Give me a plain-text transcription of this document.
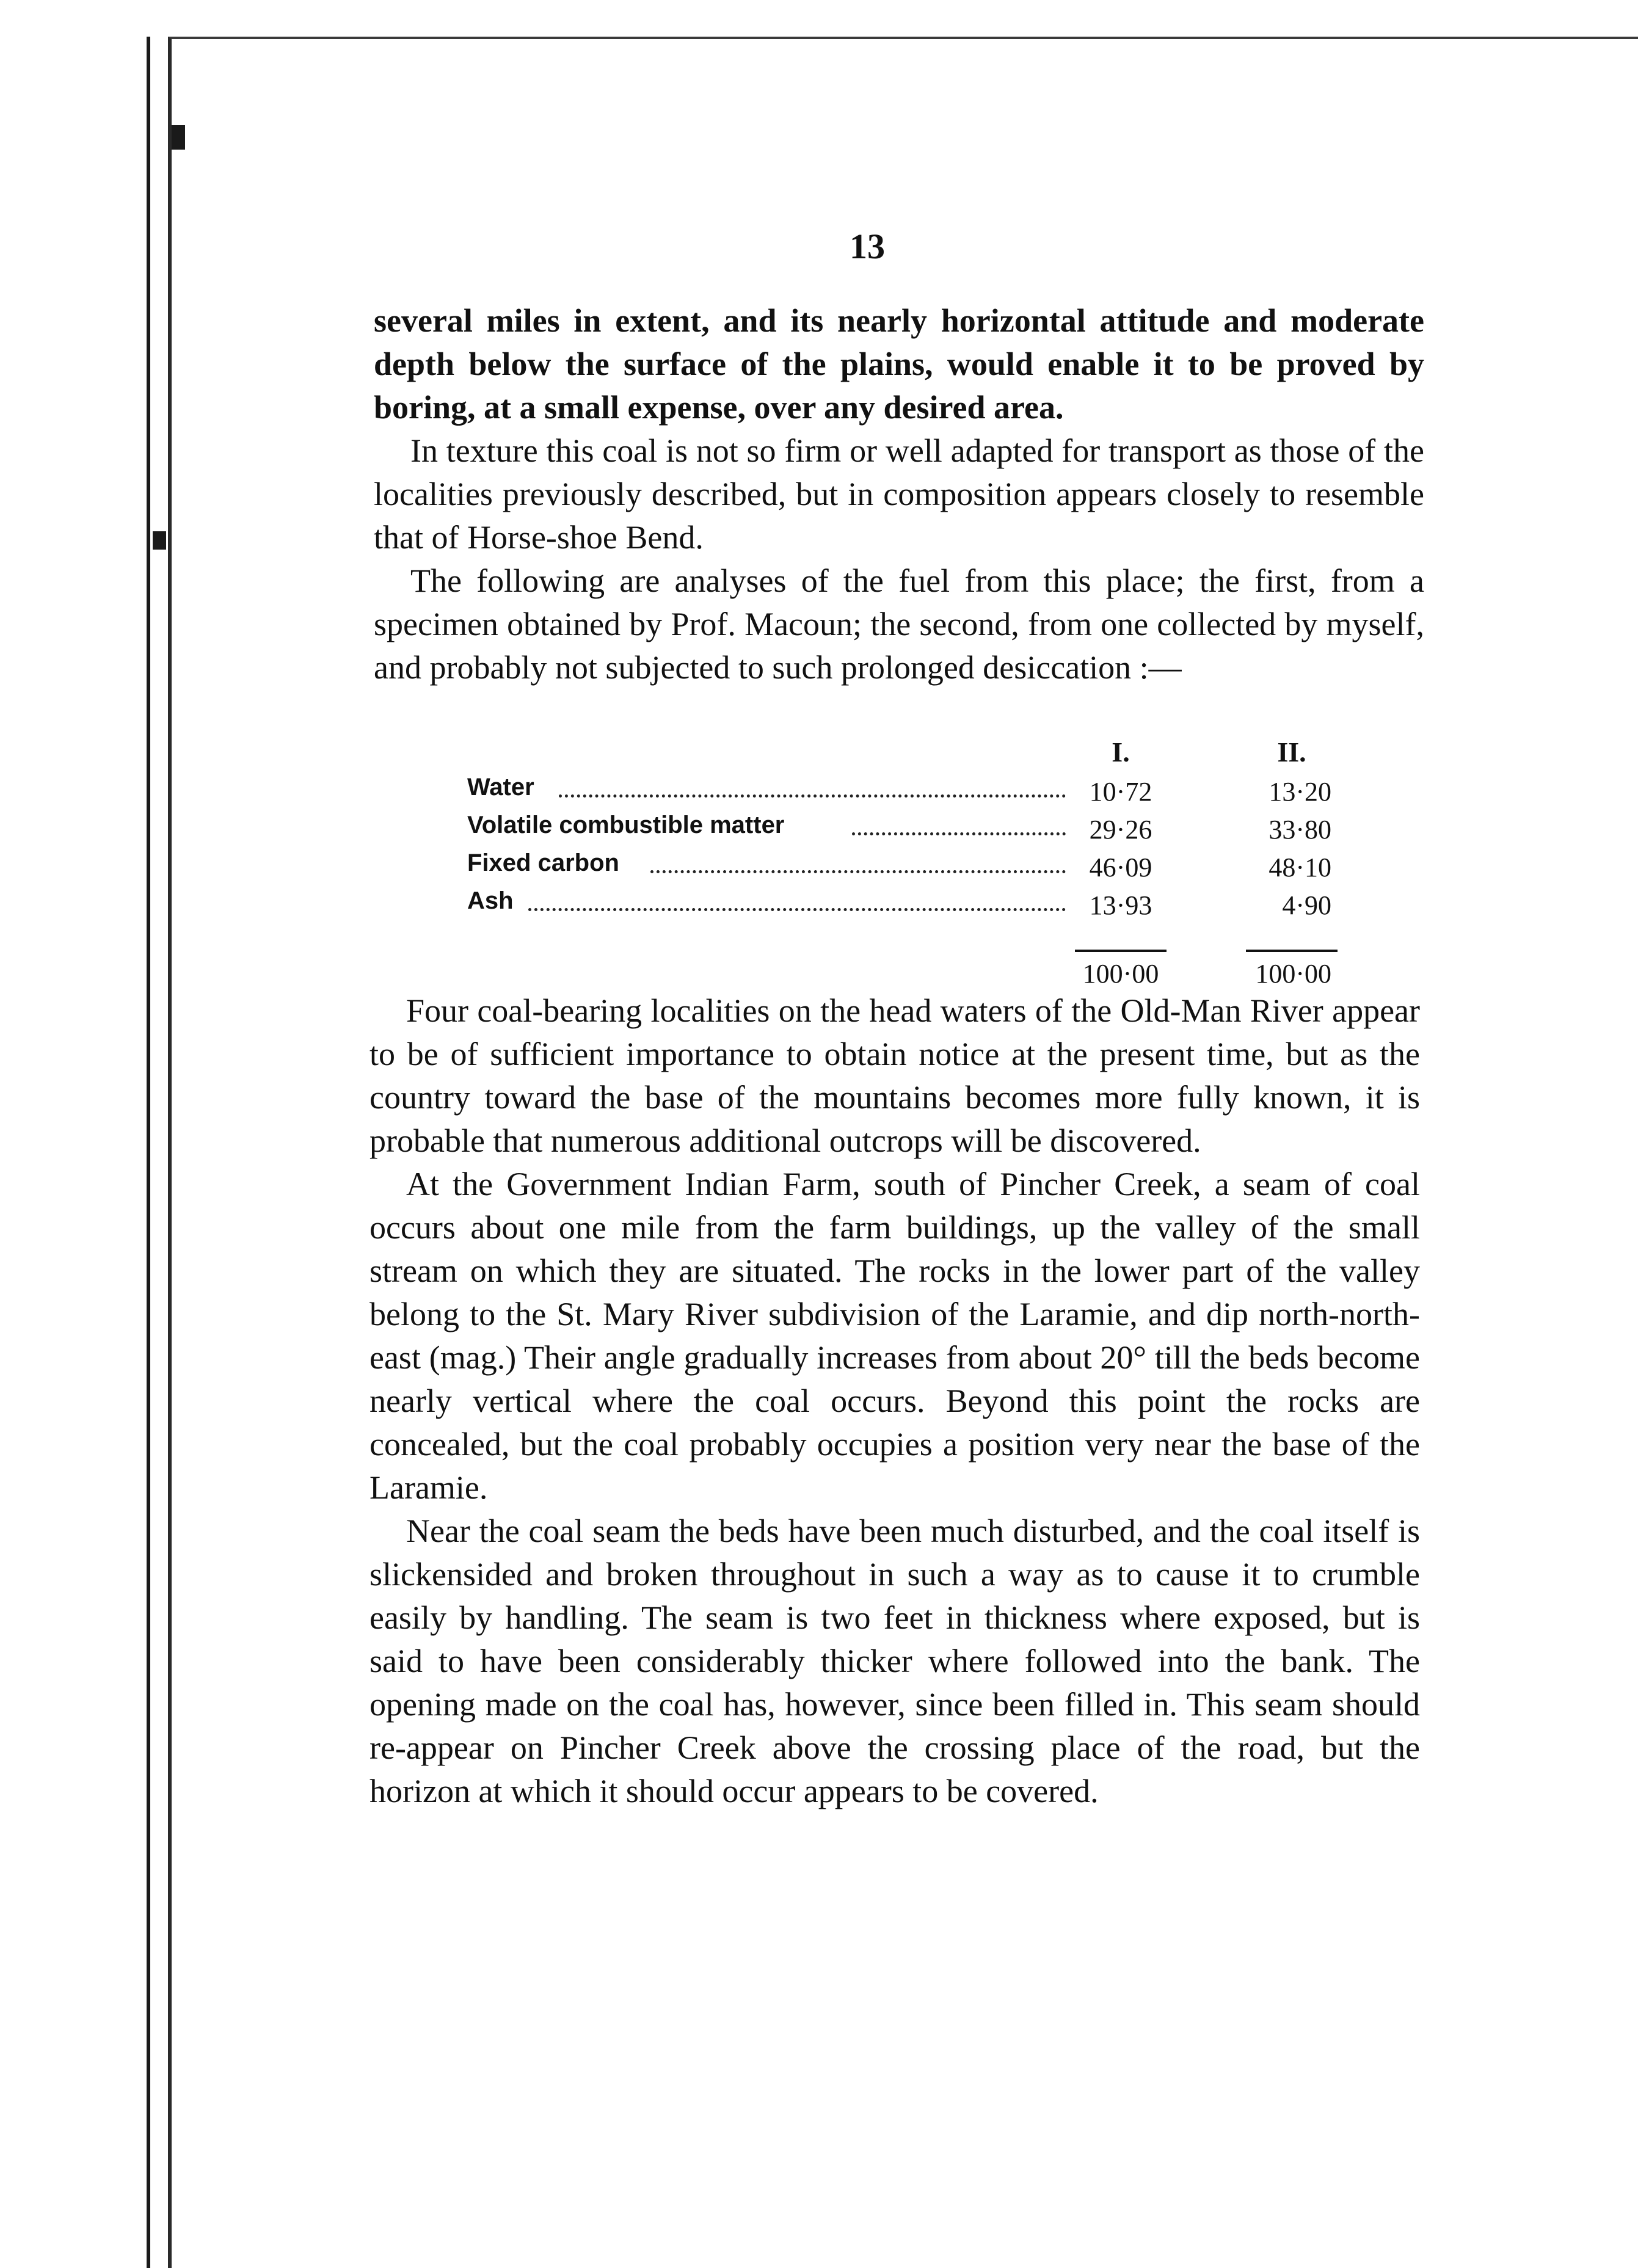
13

several miles in extent, and its nearly horizontal attitude and moderate depth below the surface of the plains, would enable it to be proved by boring, at a small expense, over any desired area.

In texture this coal is not so firm or well adapted for transport as those of the localities previously described, but in composition appears closely to resemble that of Horse-shoe Bend.

The following are analyses of the fuel from this place; the first, from a specimen obtained by Prof. Macoun; the second, from one collected by myself, and probably not subjected to such prolonged desiccation :—

I.	II.
Water	10·72	13·20
Volatile combustible matter	29·26	33·80
Fixed carbon	46·09	48·10
Ash	13·93	4·90
100·00	100·00

Four coal-bearing localities on the head waters of the Old-Man River appear to be of sufficient importance to obtain notice at the present time, but as the country toward the base of the mountains becomes more fully known, it is probable that numerous additional outcrops will be discovered.

At the Government Indian Farm, south of Pincher Creek, a seam of coal occurs about one mile from the farm buildings, up the valley of the small stream on which they are situated. The rocks in the lower part of the valley belong to the St. Mary River subdivision of the Laramie, and dip north-north-east (mag.) Their angle gradually increases from about 20° till the beds become nearly vertical where the coal occurs. Beyond this point the rocks are concealed, but the coal probably occupies a position very near the base of the Laramie.

Near the coal seam the beds have been much disturbed, and the coal itself is slickensided and broken throughout in such a way as to cause it to crumble easily by handling. The seam is two feet in thickness where exposed, but is said to have been considerably thicker where followed into the bank. The opening made on the coal has, however, since been filled in. This seam should re-appear on Pincher Creek above the crossing place of the road, but the horizon at which it should occur appears to be covered.
